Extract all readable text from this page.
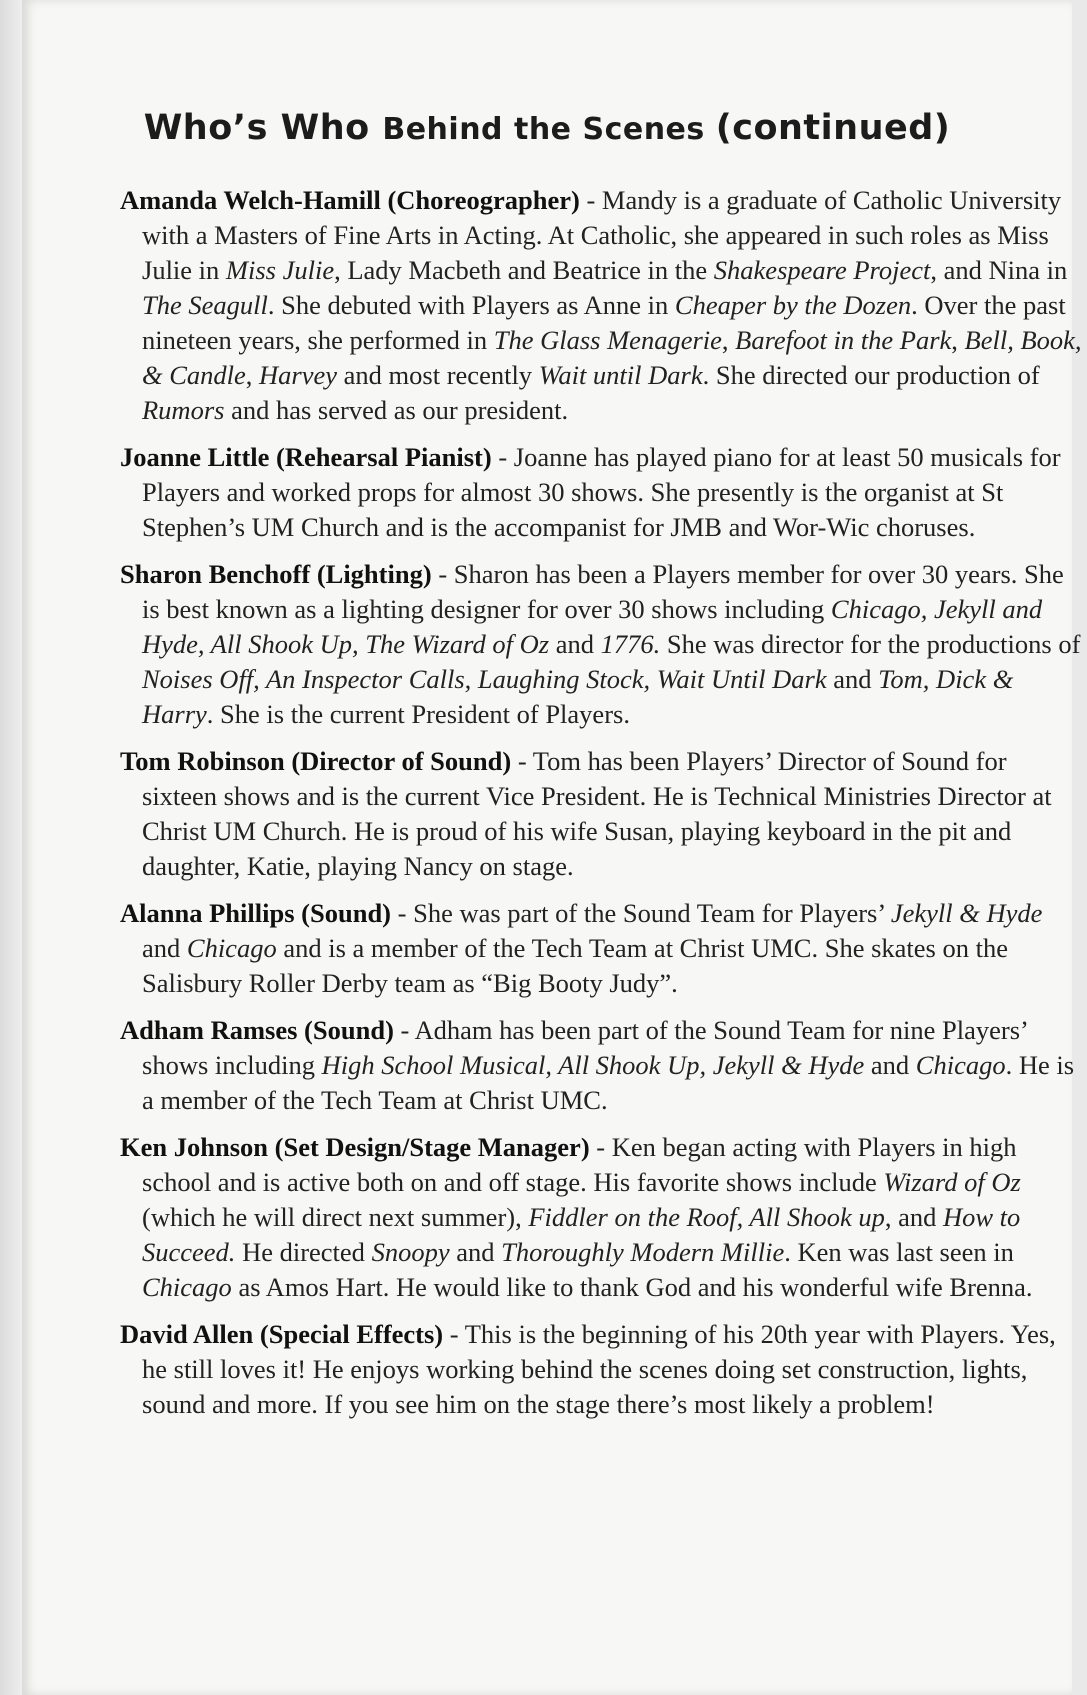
Who’s Who Behind the Scenes (continued)
Amanda Welch-Hamill (Choreographer) - Mandy is a graduate of Catholic University with a Masters of Fine Arts in Acting. At Catholic, she appeared in such roles as Miss Julie in Miss Julie, Lady Macbeth and Beatrice in the Shakespeare Project, and Nina in The Seagull. She debuted with Players as Anne in Cheaper by the Dozen. Over the past nineteen years, she performed in The Glass Menagerie, Barefoot in the Park, Bell, Book, & Candle, Harvey and most recently Wait until Dark. She directed our production of Rumors and has served as our president.
Joanne Little (Rehearsal Pianist) - Joanne has played piano for at least 50 musicals for Players and worked props for almost 30 shows. She presently is the organist at St Stephen’s UM Church and is the accompanist for JMB and Wor-Wic choruses.
Sharon Benchoff (Lighting) - Sharon has been a Players member for over 30 years. She is best known as a lighting designer for over 30 shows including Chicago, Jekyll and Hyde, All Shook Up, The Wizard of Oz and 1776. She was director for the productions of Noises Off, An Inspector Calls, Laughing Stock, Wait Until Dark and Tom, Dick & Harry. She is the current President of Players.
Tom Robinson (Director of Sound) - Tom has been Players’ Director of Sound for sixteen shows and is the current Vice President. He is Technical Ministries Director at Christ UM Church. He is proud of his wife Susan, playing keyboard in the pit and daughter, Katie, playing Nancy on stage.
Alanna Phillips (Sound) - She was part of the Sound Team for Players’ Jekyll & Hyde and Chicago and is a member of the Tech Team at Christ UMC. She skates on the Salisbury Roller Derby team as “Big Booty Judy”.
Adham Ramses (Sound) - Adham has been part of the Sound Team for nine Players’ shows including High School Musical, All Shook Up, Jekyll & Hyde and Chicago. He is a member of the Tech Team at Christ UMC.
Ken Johnson (Set Design/Stage Manager) - Ken began acting with Players in high school and is active both on and off stage. His favorite shows include Wizard of Oz (which he will direct next summer), Fiddler on the Roof, All Shook up, and How to Succeed. He directed Snoopy and Thoroughly Modern Millie. Ken was last seen in Chicago as Amos Hart. He would like to thank God and his wonderful wife Brenna.
David Allen (Special Effects) - This is the beginning of his 20th year with Players. Yes, he still loves it! He enjoys working behind the scenes doing set construction, lights, sound and more. If you see him on the stage there’s most likely a problem!
